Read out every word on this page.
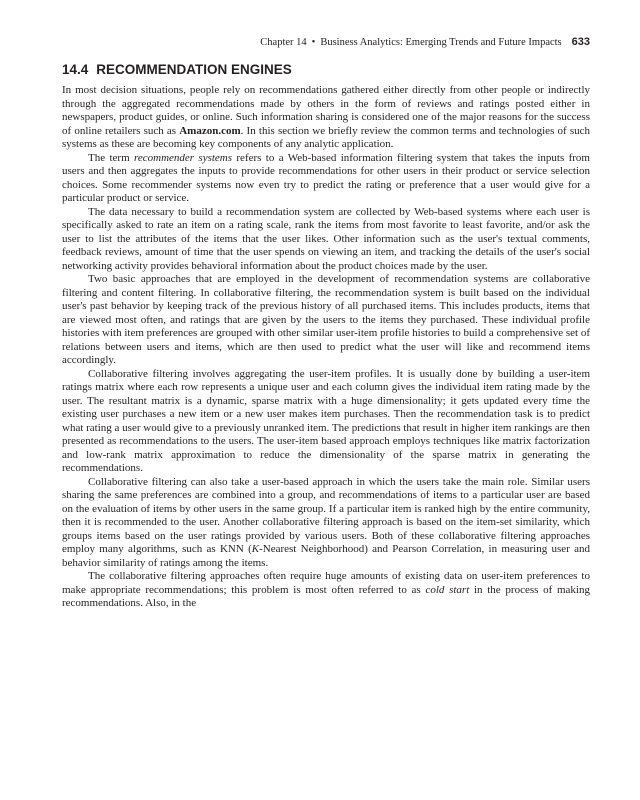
Chapter 14 • Business Analytics: Emerging Trends and Future Impacts 633
14.4 RECOMMENDATION ENGINES

In most decision situations, people rely on recommendations gathered either directly from other people or indirectly through the aggregated recommendations made by others in the form of reviews and ratings posted either in newspapers, product guides, or online. Such information sharing is considered one of the major reasons for the success of online retailers such as Amazon.com. In this section we briefly review the common terms and technologies of such systems as these are becoming key components of any analytic application.

The term recommender systems refers to a Web-based information filtering system that takes the inputs from users and then aggregates the inputs to provide recommendations for other users in their product or service selection choices. Some recommender systems now even try to predict the rating or preference that a user would give for a particular product or service.

The data necessary to build a recommendation system are collected by Web-based systems where each user is specifically asked to rate an item on a rating scale, rank the items from most favorite to least favorite, and/or ask the user to list the attributes of the items that the user likes. Other information such as the user's textual comments, feedback reviews, amount of time that the user spends on viewing an item, and tracking the details of the user's social networking activity provides behavioral information about the product choices made by the user.

Two basic approaches that are employed in the development of recommendation systems are collaborative filtering and content filtering. In collaborative filtering, the recommendation system is built based on the individual user's past behavior by keeping track of the previous history of all purchased items. This includes products, items that are viewed most often, and ratings that are given by the users to the items they purchased. These individual profile histories with item preferences are grouped with other similar user-item profile histories to build a comprehensive set of relations between users and items, which are then used to predict what the user will like and recommend items accordingly.

Collaborative filtering involves aggregating the user-item profiles. It is usually done by building a user-item ratings matrix where each row represents a unique user and each column gives the individual item rating made by the user. The resultant matrix is a dynamic, sparse matrix with a huge dimensionality; it gets updated every time the existing user purchases a new item or a new user makes item purchases. Then the recommendation task is to predict what rating a user would give to a previously unranked item. The predictions that result in higher item rankings are then presented as recommendations to the users. The user-item based approach employs techniques like matrix factorization and low-rank matrix approximation to reduce the dimensionality of the sparse matrix in generating the recommendations.

Collaborative filtering can also take a user-based approach in which the users take the main role. Similar users sharing the same preferences are combined into a group, and recommendations of items to a particular user are based on the evaluation of items by other users in the same group. If a particular item is ranked high by the entire community, then it is recommended to the user. Another collaborative filtering approach is based on the item-set similarity, which groups items based on the user ratings provided by various users. Both of these collaborative filtering approaches employ many algorithms, such as KNN (K-Nearest Neighborhood) and Pearson Correlation, in measuring user and behavior similarity of ratings among the items.

The collaborative filtering approaches often require huge amounts of existing data on user-item preferences to make appropriate recommendations; this problem is most often referred to as cold start in the process of making recommendations. Also, in the
